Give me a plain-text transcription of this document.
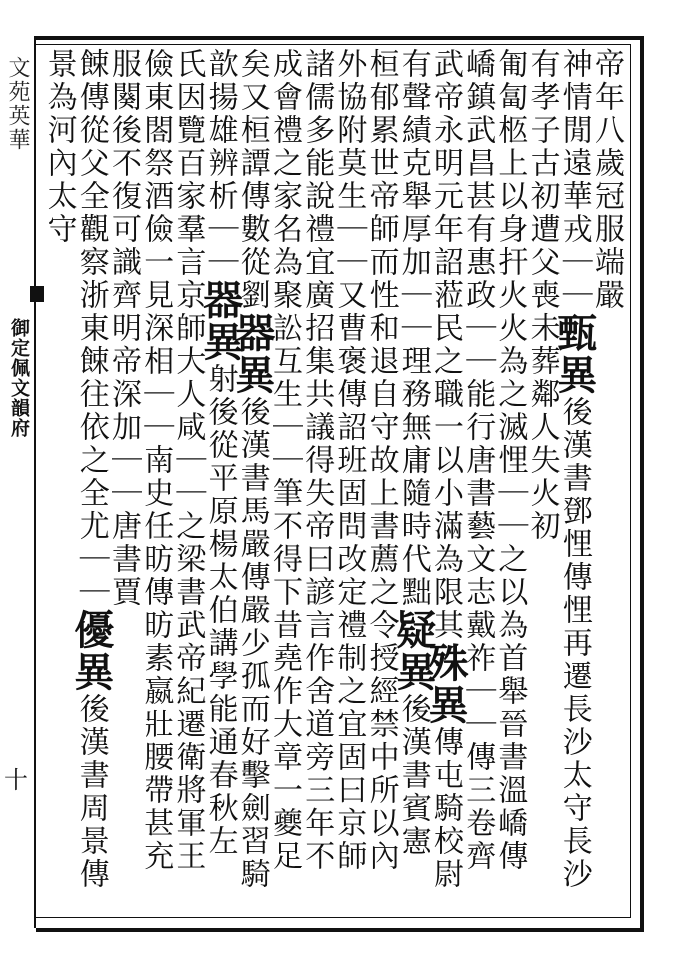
文苑英華
御定佩文韻府
十
帝年八歲冠服端嚴
神情閒遠華戎｜｜甄異後漢書鄧悝傳悝再遷長沙太守長沙
有孝子古初遭父喪未葬鄰人失火初
匍匐柩上以身扞火火為之滅悝｜｜之以為首舉晉書溫嶠傳
嶠鎮武昌甚有惠政｜｜能行唐書藝文志戴祚｜｜傳三卷齊
武帝永明元年詔蒞民之職一以小滿為限其殊異傳屯騎校尉
有聲績克舉厚加｜｜理務無庸隨時代黜疑異後漢書賓憲
桓郁累世帝師而性和退自守故上書薦之令授經禁中所以內
外協附莫生｜｜又曹褒傳詔班固問改定禮制之宜固曰京師
諸儒多能說禮宜廣招集共議得失帝曰諺言作舍道旁三年不
成會禮之家名為聚訟互生｜｜筆不得下昔堯作大章一夔足
矣又桓譚傳數從劉器異後漢書馬嚴傳嚴少孤而好擊劍習騎
歆揚雄辨析｜｜器異射後從平原楊太伯講學能通春秋左
氏因覽百家羣言京師大人咸｜｜之梁書武帝紀遷衛將軍王
儉東閤祭酒儉一見深相｜｜南史任昉傳昉素嬴壯腰帶甚充
服闋後不復可識齊明帝深加｜｜唐書賈
餗傳從父全觀察浙東餗往依之全尤｜｜優異後漢書周景傳
景為河內太守
